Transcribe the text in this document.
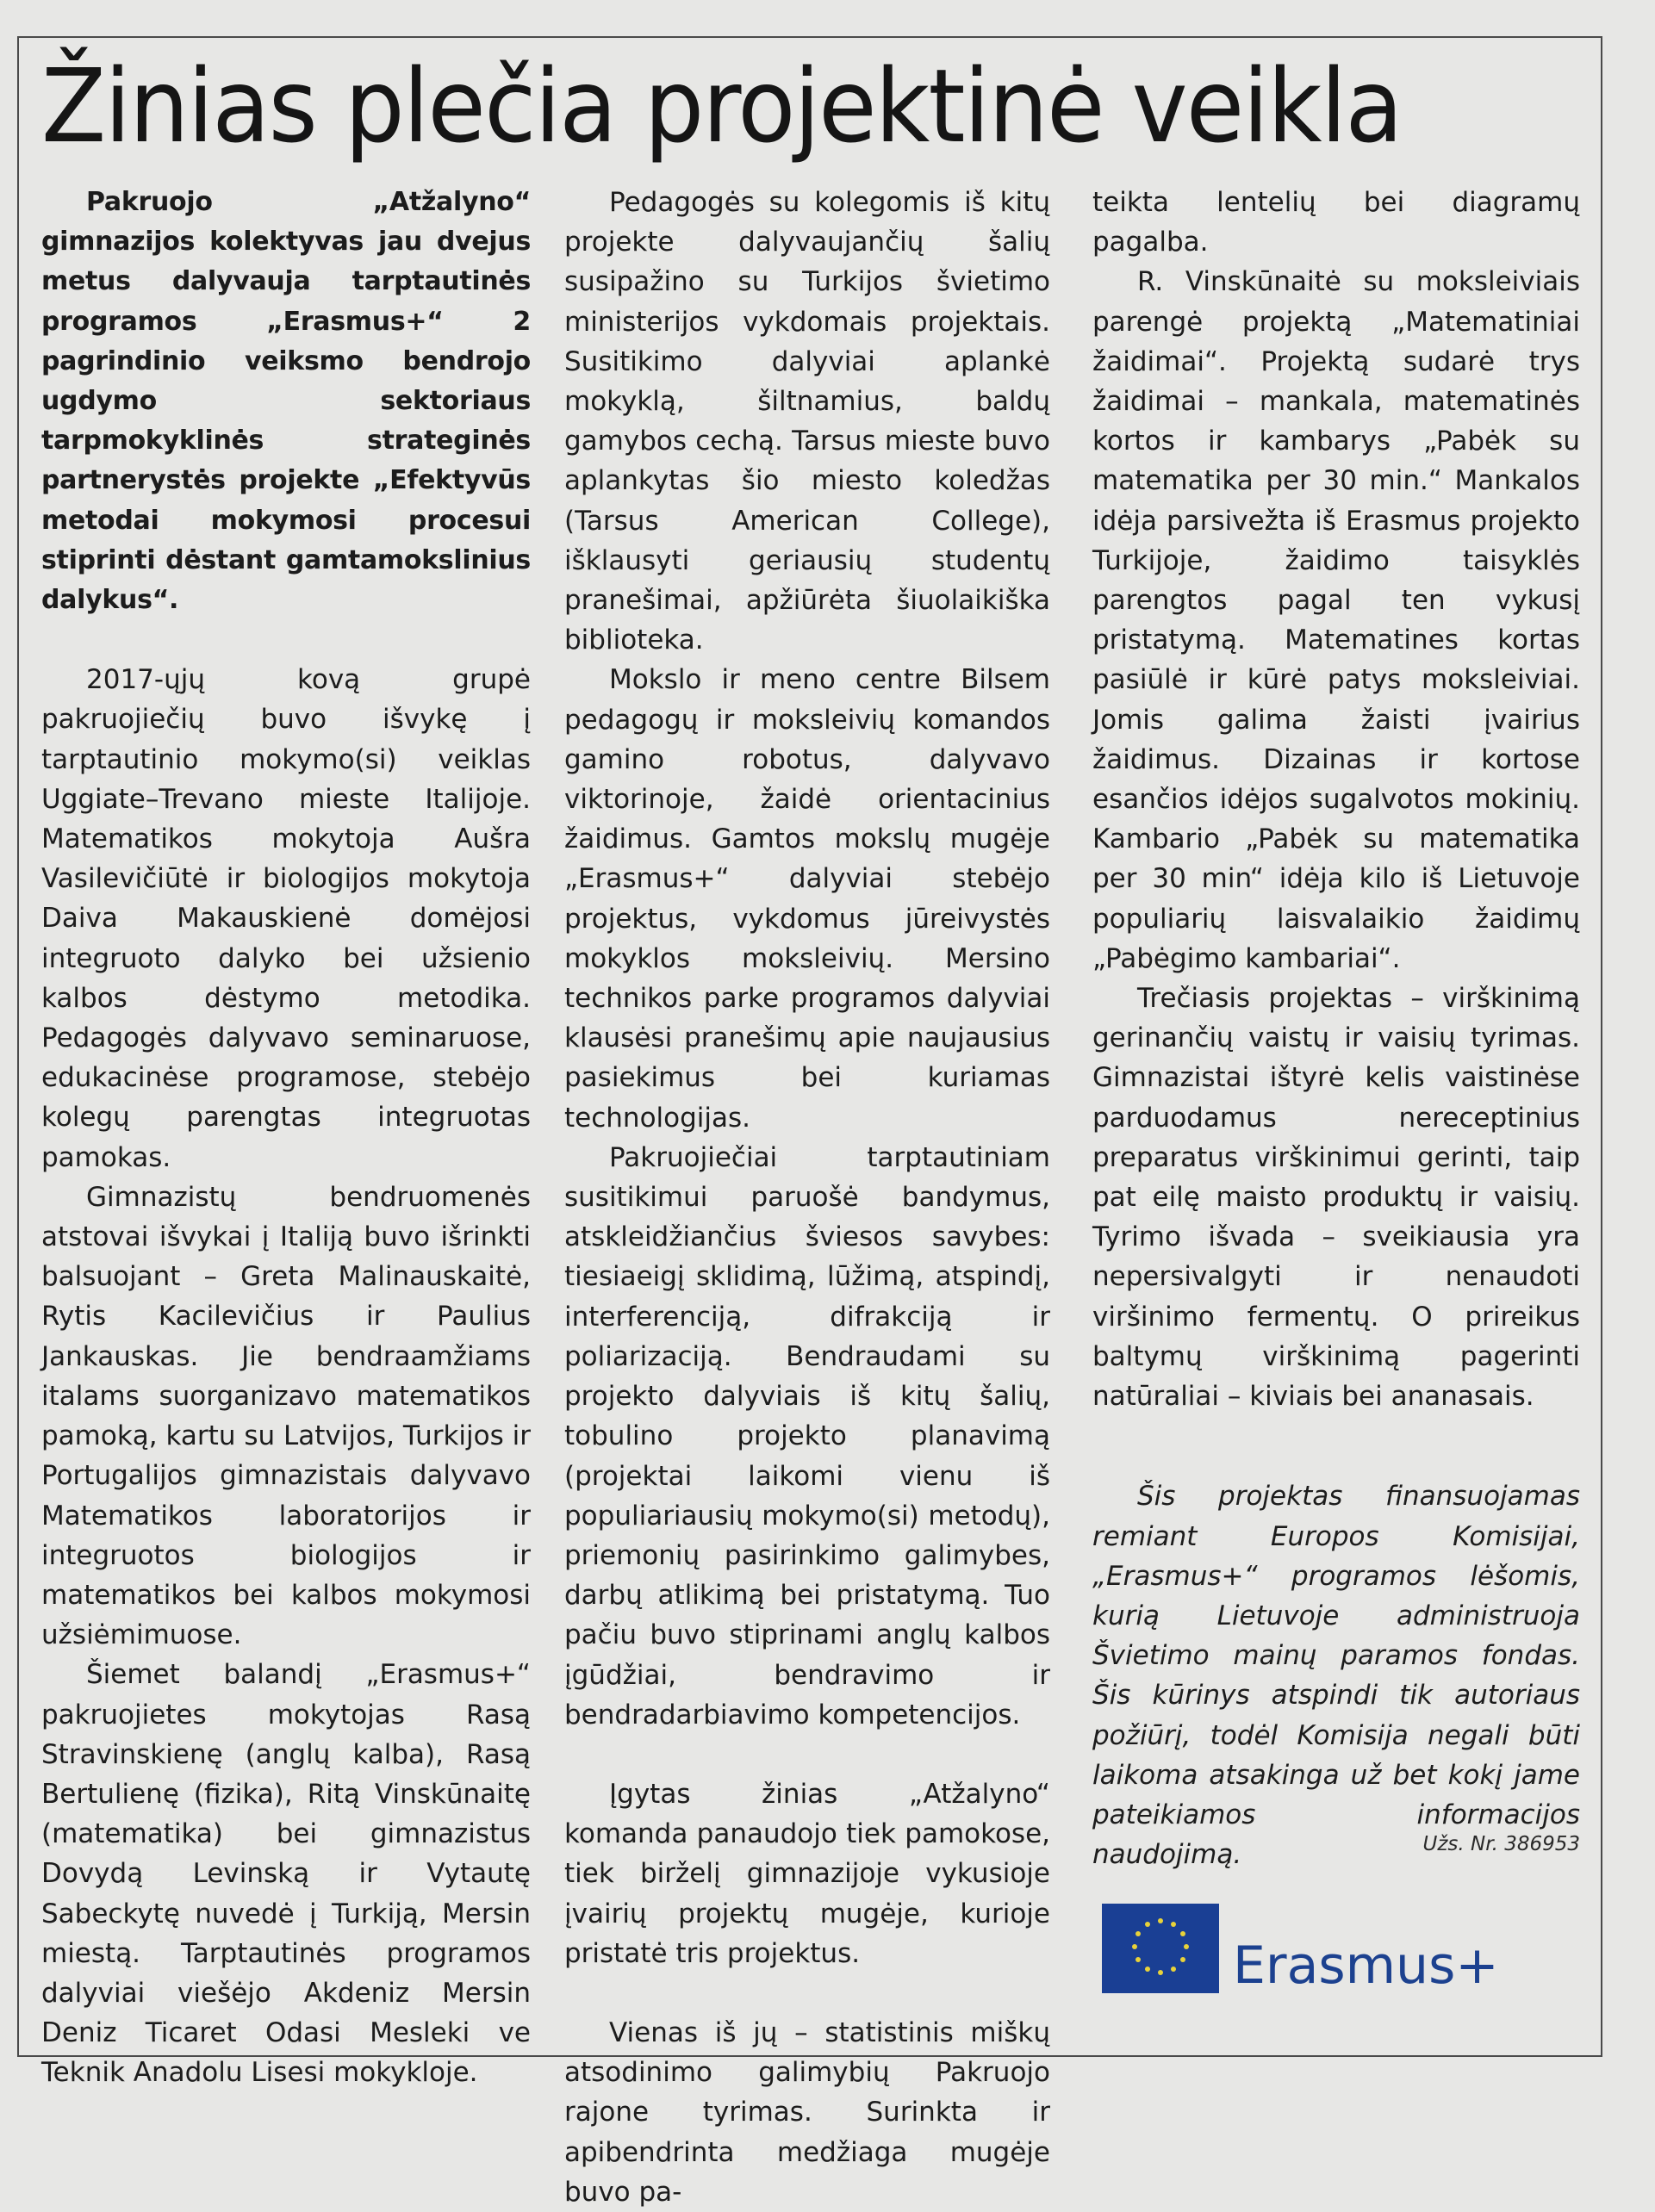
Žinias plečia projektinė veikla

Pakruojo „Atžalyno“ gimnazijos kolektyvas jau dvejus metus dalyvauja tarptautinės programos „Erasmus+“ 2 pagrindinio veiksmo bendrojo ugdymo sektoriaus tarpmokyklinės strateginės partnerystės projekte „Efektyvūs metodai mokymosi procesui stiprinti dėstant gamtamokslinius dalykus“.

2017-ųjų kovą grupė pakruojiečių buvo išvykę į tarptautinio mokymo(si) veiklas Uggiate–Trevano mieste Italijoje. Matematikos mokytoja Aušra Vasilevičiūtė ir biologijos mokytoja Daiva Makauskienė domėjosi integruoto dalyko bei užsienio kalbos dėstymo metodika. Pedagogės dalyvavo seminaruose, edukacinėse programose, stebėjo kolegų parengtas integruotas pamokas.

Gimnazistų bendruomenės atstovai išvykai į Italiją buvo išrinkti balsuojant – Greta Malinauskaitė, Rytis Kacilevičius ir Paulius Jankauskas. Jie bendraamžiams italams suorganizavo matematikos pamoką, kartu su Latvijos, Turkijos ir Portugalijos gimnazistais dalyvavo Matematikos laboratorijos ir integruotos biologijos ir matematikos bei kalbos mokymosi užsiėmimuose.

Šiemet balandį „Erasmus+“ pakruojietes mokytojas Rasą Stravinskienę (anglų kalba), Rasą Bertulienę (fizika), Ritą Vinskūnaitę (matematika) bei gimnazistus Dovydą Levinską ir Vytautę Sabeckytę nuvedė į Turkiją, Mersin miestą. Tarptautinės programos dalyviai viešėjo Akdeniz Mersin Deniz Ticaret Odasi Mesleki ve Teknik Anadolu Lisesi mokykloje.

Pedagogės su kolegomis iš kitų projekte dalyvaujančių šalių susipažino su Turkijos švietimo ministerijos vykdomais projektais. Susitikimo dalyviai aplankė mokyklą, šiltnamius, baldų gamybos cechą. Tarsus mieste buvo aplankytas šio miesto koledžas (Tarsus American College), išklausyti geriausių studentų pranešimai, apžiūrėta šiuolaikiška biblioteka.

Mokslo ir meno centre Bilsem pedagogų ir moksleivių komandos gamino robotus, dalyvavo viktorinoje, žaidė orientacinius žaidimus. Gamtos mokslų mugėje „Erasmus+“ dalyviai stebėjo projektus, vykdomus jūreivystės mokyklos moksleivių. Mersino technikos parke programos dalyviai klausėsi pranešimų apie naujausius pasiekimus bei kuriamas technologijas.

Pakruojiečiai tarptautiniam susitikimui paruošė bandymus, atskleidžiančius šviesos savybes: tiesiaeigį sklidimą, lūžimą, atspindį, interferenciją, difrakciją ir poliarizaciją. Bendraudami su projekto dalyviais iš kitų šalių, tobulino projekto planavimą (projektai laikomi vienu iš populiariausių mokymo(si) metodų), priemonių pasirinkimo galimybes, darbų atlikimą bei pristatymą. Tuo pačiu buvo stiprinami anglų kalbos įgūdžiai, bendravimo ir bendradarbiavimo kompetencijos.

Įgytas žinias „Atžalyno“ komanda panaudojo tiek pamokose, tiek birželį gimnazijoje vykusioje įvairių projektų mugėje, kurioje pristatė tris projektus.

Vienas iš jų – statistinis miškų atsodinimo galimybių Pakruojo rajone tyrimas. Surinkta ir apibendrinta medžiaga mugėje buvo pa-

teikta lentelių bei diagramų pagalba.

R. Vinskūnaitė su moksleiviais parengė projektą „Matematiniai žaidimai“. Projektą sudarė trys žaidimai – mankala, matematinės kortos ir kambarys „Pabėk su matematika per 30 min.“ Mankalos idėja parsivežta iš Erasmus projekto Turkijoje, žaidimo taisyklės parengtos pagal ten vykusį pristatymą. Matematines kortas pasiūlė ir kūrė patys moksleiviai. Jomis galima žaisti įvairius žaidimus. Dizainas ir kortose esančios idėjos sugalvotos mokinių. Kambario „Pabėk su matematika per 30 min“ idėja kilo iš Lietuvoje populiarių laisvalaikio žaidimų „Pabėgimo kambariai“.

Trečiasis projektas – virškinimą gerinančių vaistų ir vaisių tyrimas. Gimnazistai ištyrė kelis vaistinėse parduodamus nereceptinius preparatus virškinimui gerinti, taip pat eilę maisto produktų ir vaisių. Tyrimo išvada – sveikiausia yra nepersivalgyti ir nenaudoti viršinimo fermentų. O prireikus baltymų virškinimą pagerinti natūraliai – kiviais bei ananasais.

Šis projektas finansuojamas remiant Europos Komisijai, „Erasmus+“ programos lėšomis, kurią Lietuvoje administruoja Švietimo mainų paramos fondas. Šis kūrinys atspindi tik autoriaus požiūrį, todėl Komisija negali būti laikoma atsakinga už bet kokį jame pateikiamos informacijos naudojimą.	Užs. Nr. 386953
Erasmus+
